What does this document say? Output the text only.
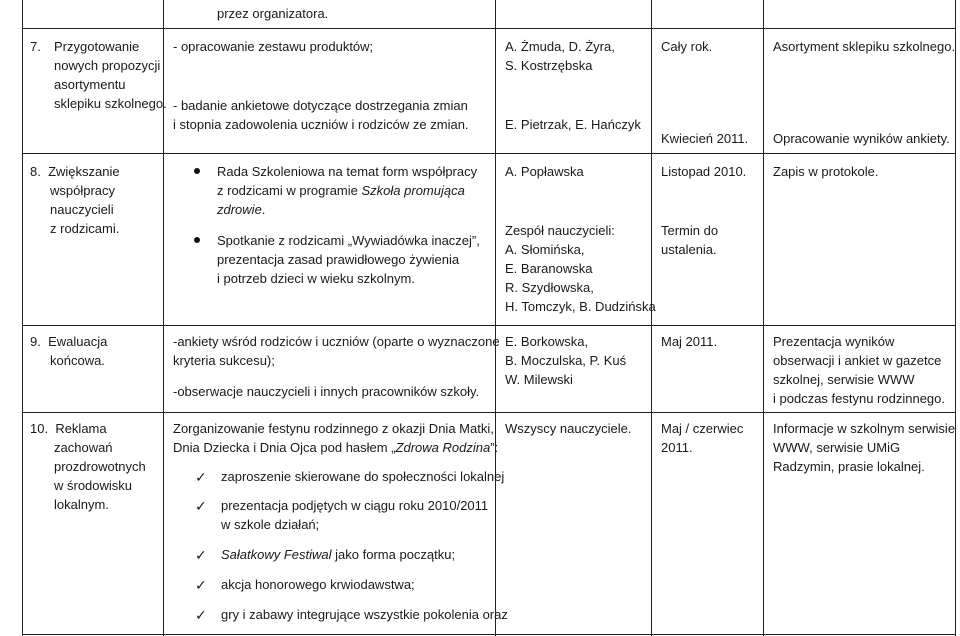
przez organizatora.

7. Przygotowanie

nowych propozycji

asortymentu

sklepiku szkolnego.

- opracowanie zestawu produktów;

- badanie ankietowe dotyczące dostrzegania zmian

i stopnia zadowolenia uczniów i rodziców ze zmian.

A. Żmuda, D. Żyra,

S. Kostrzębska

E. Pietrzak, E. Hańczyk

Cały rok.

Kwiecień 2011.

Asortyment sklepiku szkolnego.

Opracowanie wyników ankiety.

8. Zwiększanie

współpracy

nauczycieli

z rodzicami.

Rada Szkoleniowa na temat form współpracy

z rodzicami w programie Szkoła promująca

zdrowie.

Spotkanie z rodzicami „Wywiadówka inaczej”,

prezentacja zasad prawidłowego żywienia

i potrzeb dzieci w wieku szkolnym.

A. Popławska

Zespół nauczycieli:

A. Słomińska,

E. Baranowska

R. Szydłowska,

H. Tomczyk, B. Dudzińska

Listopad 2010.

Termin do

ustalenia.

Zapis w protokole.

9. Ewaluacja

końcowa.

-ankiety wśród rodziców i uczniów (oparte o wyznaczone

kryteria sukcesu);

-obserwacje nauczycieli i innych pracowników szkoły.

E. Borkowska,

B. Moczulska, P. Kuś

W. Milewski

Maj 2011.	Prezentacja wyników

obserwacji i ankiet w gazetce

szkolnej, serwisie WWW

i podczas festynu rodzinnego.

10. Reklama

zachowań

prozdrowotnych

w środowisku

lokalnym.

Zorganizowanie festynu rodzinnego z okazji Dnia Matki,

Dnia Dziecka i Dnia Ojca pod hasłem „Zdrowa Rodzina”:

✓ zaproszenie skierowane do społeczności lokalnej

✓ prezentacja podjętych w ciągu roku 2010/2011

w szkole działań;

✓ Sałatkowy Festiwal jako forma początku;

✓ akcja honorowego krwiodawstwa;

✓ gry i zabawy integrujące wszystkie pokolenia oraz

Wszyscy nauczyciele. Maj / czerwiec

2011.

Informacje w szkolnym serwisie

WWW, serwisie UMiG

Radzymin, prasie lokalnej.
